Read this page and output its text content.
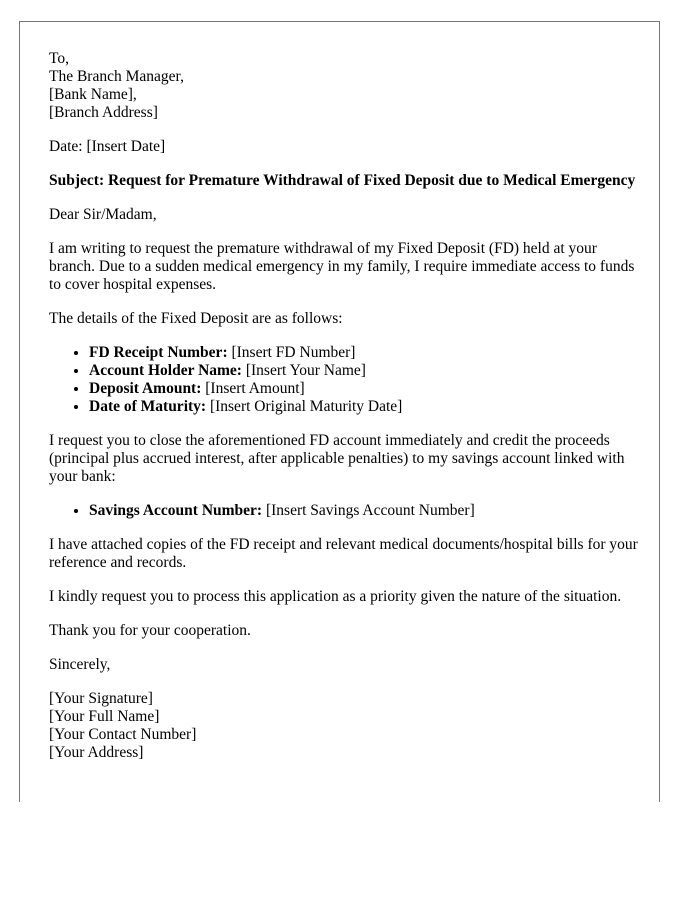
To,
The Branch Manager,
[Bank Name],
[Branch Address]

Date: [Insert Date]

Subject: Request for Premature Withdrawal of Fixed Deposit due to Medical Emergency

Dear Sir/Madam,

I am writing to request the premature withdrawal of my Fixed Deposit (FD) held at your branch. Due to a sudden medical emergency in my family, I require immediate access to funds to cover hospital expenses.

The details of the Fixed Deposit are as follows:

• FD Receipt Number: [Insert FD Number]
• Account Holder Name: [Insert Your Name]
• Deposit Amount: [Insert Amount]
• Date of Maturity: [Insert Original Maturity Date]

I request you to close the aforementioned FD account immediately and credit the proceeds (principal plus accrued interest, after applicable penalties) to my savings account linked with your bank:

• Savings Account Number: [Insert Savings Account Number]

I have attached copies of the FD receipt and relevant medical documents/hospital bills for your reference and records.

I kindly request you to process this application as a priority given the nature of the situation.

Thank you for your cooperation.

Sincerely,

[Your Signature]
[Your Full Name]
[Your Contact Number]
[Your Address]
